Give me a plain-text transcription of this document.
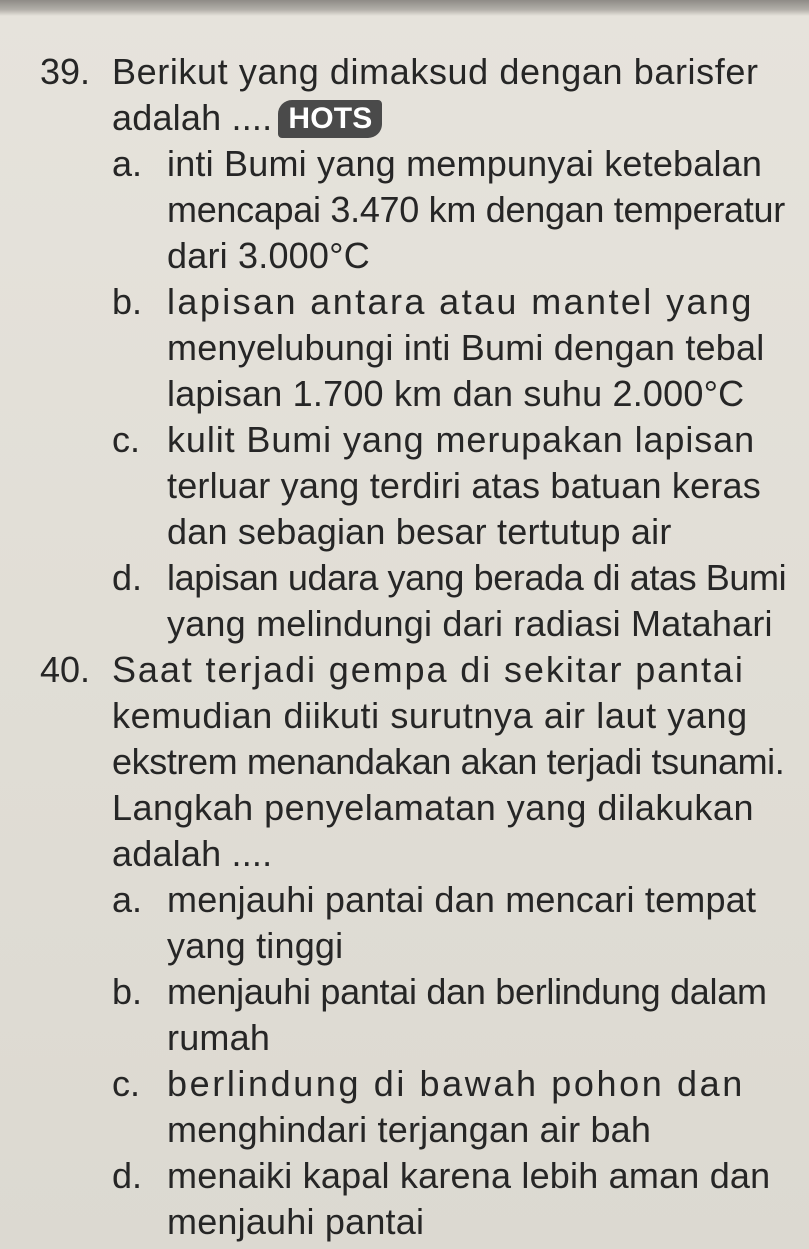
39. Berikut yang dimaksud dengan barisfer
adalah .... HOTS
a. inti Bumi yang mempunyai ketebalan
mencapai 3.470 km dengan temperatur
dari 3.000°C
b. lapisan antara atau mantel yang
menyelubungi inti Bumi dengan tebal
lapisan 1.700 km dan suhu 2.000°C
c. kulit Bumi yang merupakan lapisan
terluar yang terdiri atas batuan keras
dan sebagian besar tertutup air
d. lapisan udara yang berada di atas Bumi
yang melindungi dari radiasi Matahari
40. Saat terjadi gempa di sekitar pantai
kemudian diikuti surutnya air laut yang
ekstrem menandakan akan terjadi tsunami.
Langkah penyelamatan yang dilakukan
adalah ....
a. menjauhi pantai dan mencari tempat
yang tinggi
b. menjauhi pantai dan berlindung dalam
rumah
c. berlindung di bawah pohon dan
menghindari terjangan air bah
d. menaiki kapal karena lebih aman dan
menjauhi pantai
